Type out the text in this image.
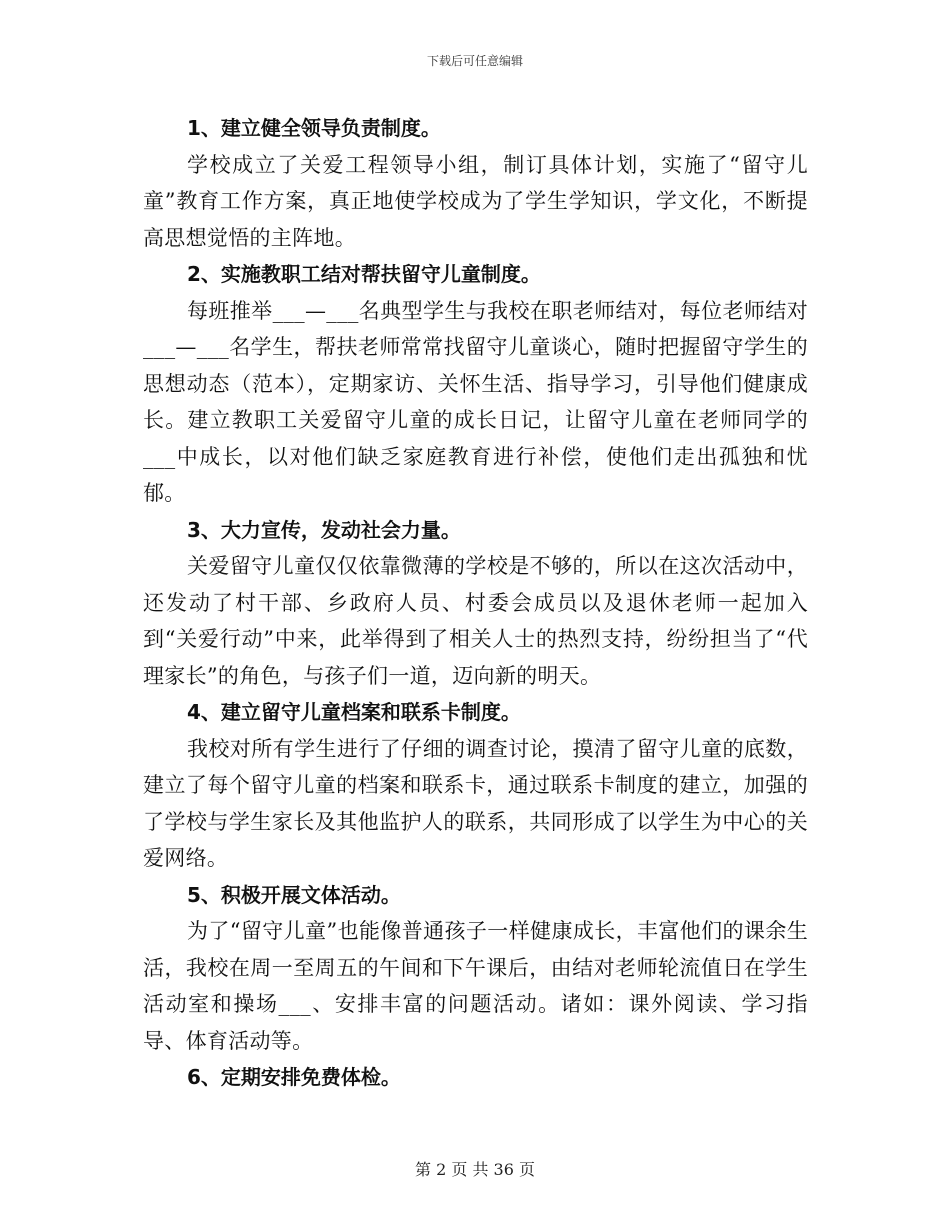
下载后可任意编辑

1、建立健全领导负责制度。

学校成立了关爱工程领导小组，制订具体计划，实施了“留守儿童”教育工作方案，真正地使学校成为了学生学知识，学文化，不断提高思想觉悟的主阵地。

2、实施教职工结对帮扶留守儿童制度。

每班推举___—___名典型学生与我校在职老师结对，每位老师结对___—___名学生，帮扶老师常常找留守儿童谈心，随时把握留守学生的思想动态（范本），定期家访、关怀生活、指导学习，引导他们健康成长。建立教职工关爱留守儿童的成长日记，让留守儿童在老师同学的___中成长，以对他们缺乏家庭教育进行补偿，使他们走出孤独和忧郁。

3、大力宣传，发动社会力量。

关爱留守儿童仅仅依靠微薄的学校是不够的，所以在这次活动中，还发动了村干部、乡政府人员、村委会成员以及退休老师一起加入到“关爱行动”中来，此举得到了相关人士的热烈支持，纷纷担当了“代理家长”的角色，与孩子们一道，迈向新的明天。

4、建立留守儿童档案和联系卡制度。

我校对所有学生进行了仔细的调查讨论，摸清了留守儿童的底数，建立了每个留守儿童的档案和联系卡，通过联系卡制度的建立，加强的了学校与学生家长及其他监护人的联系，共同形成了以学生为中心的关爱网络。

5、积极开展文体活动。

为了“留守儿童”也能像普通孩子一样健康成长，丰富他们的课余生活，我校在周一至周五的午间和下午课后，由结对老师轮流值日在学生活动室和操场___、安排丰富的问题活动。诸如：课外阅读、学习指导、体育活动等。

6、定期安排免费体检。

第 2 页 共 36 页
